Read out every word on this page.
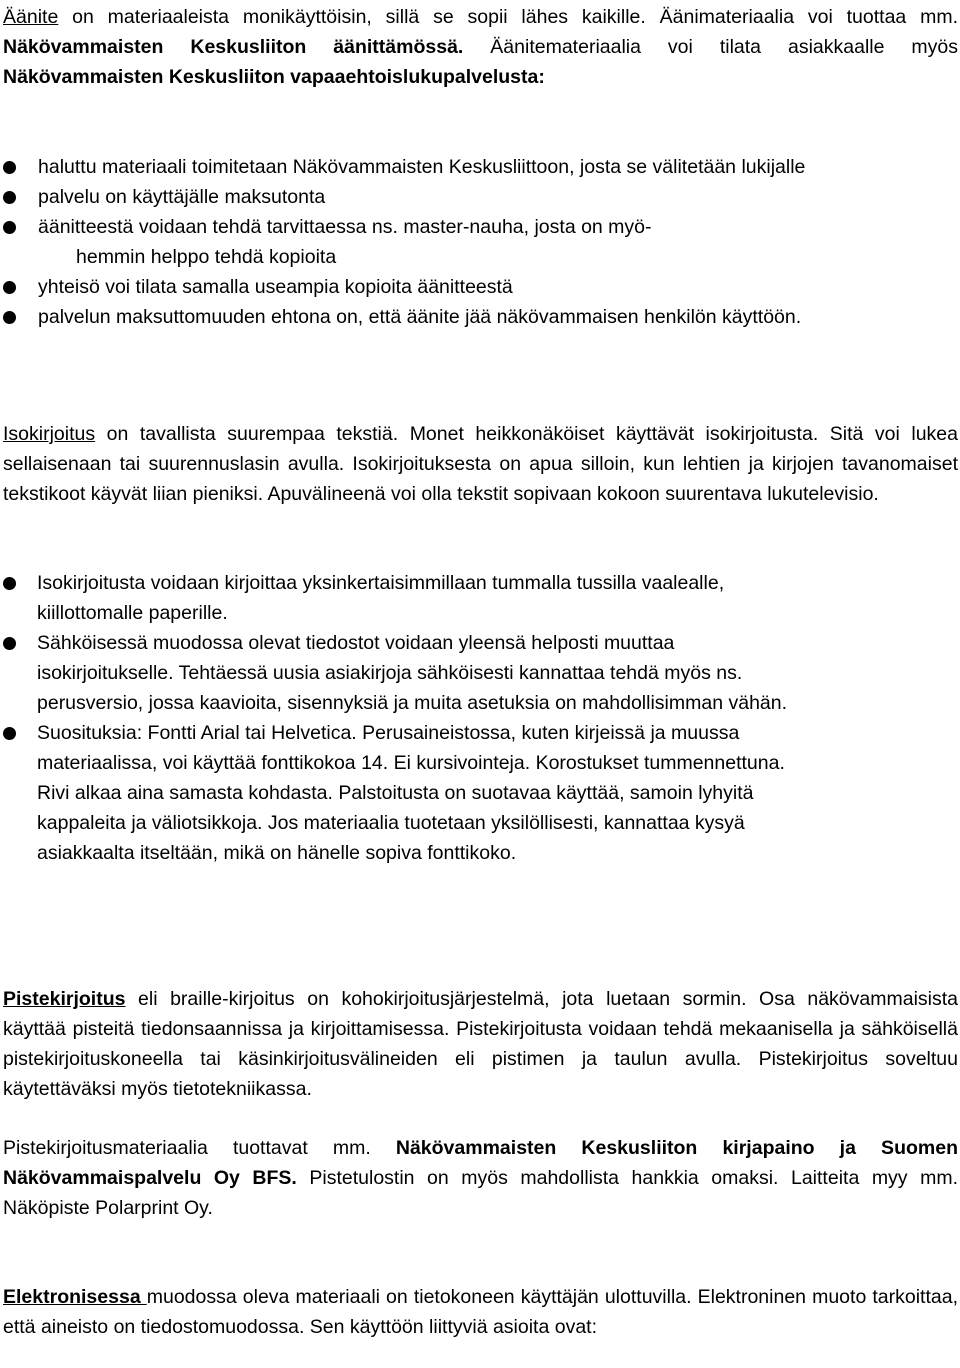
Äänite on materiaaleista monikäyttöisin, sillä se sopii lähes kaikille. Äänimateriaalia voi tuottaa mm. Näkövammaisten Keskusliiton äänittämössä. Äänitemateriaalia voi tilata asiakkaalle myös Näkövammaisten Keskusliiton vapaaehtoislukupalvelusta:

haluttu materiaali toimitetaan Näkövammaisten Keskusliittoon, josta se välitetään lukijalle
palvelu on käyttäjälle maksutonta
äänitteestä voidaan tehdä tarvittaessa ns. master-nauha, josta on myö-
hemmin helppo tehdä kopioita
yhteisö voi tilata samalla useampia kopioita äänitteestä
palvelun maksuttomuuden ehtona on, että äänite jää näkövammaisen henkilön käyttöön.

Isokirjoitus on tavallista suurempaa tekstiä. Monet heikkonäköiset käyttävät isokirjoitusta. Sitä voi lukea sellaisenaan tai suurennuslasin avulla. Isokirjoituksesta on apua silloin, kun lehtien ja kirjojen tavanomaiset tekstikoot käyvät liian pieniksi. Apuvälineenä voi olla tekstit sopivaan kokoon suurentava lukutelevisio.

Isokirjoitusta voidaan kirjoittaa yksinkertaisimmillaan tummalla tussilla vaalealle, kiillottomalle paperille.
Sähköisessä muodossa olevat tiedostot voidaan yleensä helposti muuttaa isokirjoitukselle. Tehtäessä uusia asiakirjoja sähköisesti kannattaa tehdä myös ns. perusversio, jossa kaavioita, sisennyksiä ja muita asetuksia on mahdollisimman vähän.
Suosituksia: Fontti Arial tai Helvetica. Perusaineistossa, kuten kirjeissä ja muussa materiaalissa, voi käyttää fonttikokoa 14. Ei kursivointeja. Korostukset tummennettuna. Rivi alkaa aina samasta kohdasta. Palstoitusta on suotavaa käyttää, samoin lyhyitä kappaleita ja väliotsikkoja. Jos materiaalia tuotetaan yksilöllisesti, kannattaa kysyä asiakkaalta itseltään, mikä on hänelle sopiva fonttikoko.

Pistekirjoitus eli braille-kirjoitus on kohokirjoitusjärjestelmä, jota luetaan sormin. Osa näkövammaisista käyttää pisteitä tiedonsaannissa ja kirjoittamisessa. Pistekirjoitusta voidaan tehdä mekaanisella ja sähköisellä pistekirjoituskoneella tai käsinkirjoitusvälineiden eli pistimen ja taulun avulla. Pistekirjoitus soveltuu käytettäväksi myös tietotekniikassa.

Pistekirjoitusmateriaalia tuottavat mm. Näkövammaisten Keskusliiton kirjapaino ja Suomen Näkövammaispalvelu Oy BFS. Pistetulostin on myös mahdollista hankkia omaksi. Laitteita myy mm. Näköpiste Polarprint Oy.

Elektronisessa muodossa oleva materiaali on tietokoneen käyttäjän ulottuvilla. Elektroninen muoto tarkoittaa, että aineisto on tiedostomuodossa. Sen käyttöön liittyviä asioita ovat:
